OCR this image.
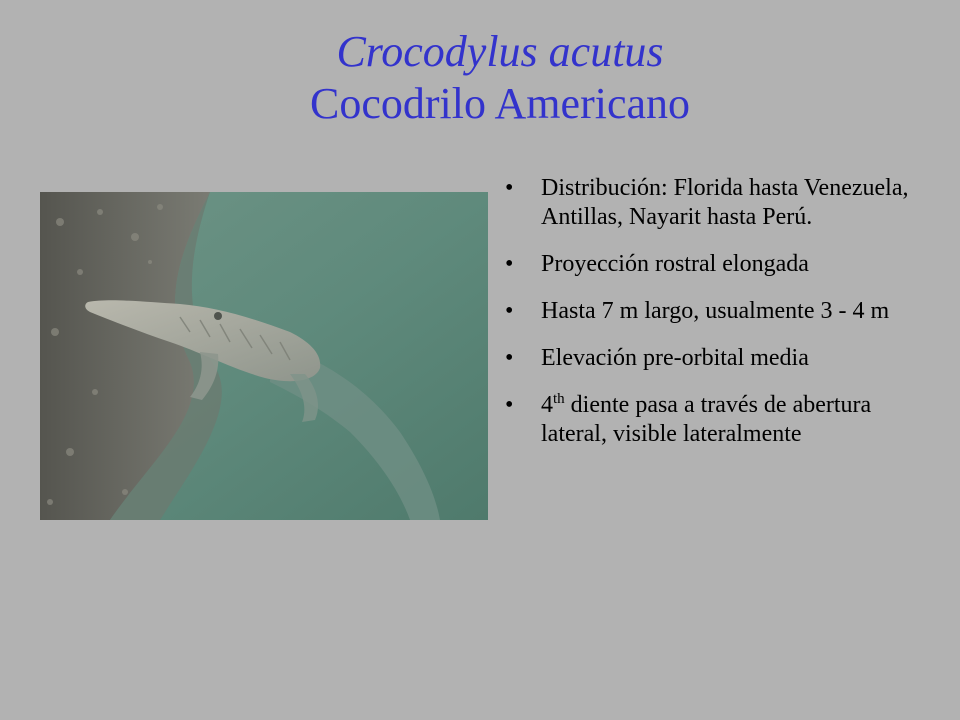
Crocodylus acutus
Cocodrilo Americano
• Distribución: Florida hasta Venezuela, Antillas, Nayarit hasta Perú.
• Proyección rostral elongada
• Hasta 7 m largo, usualmente 3 - 4 m
• Elevación pre-orbital media
• 4th diente pasa a través de abertura lateral, visible lateralmente
